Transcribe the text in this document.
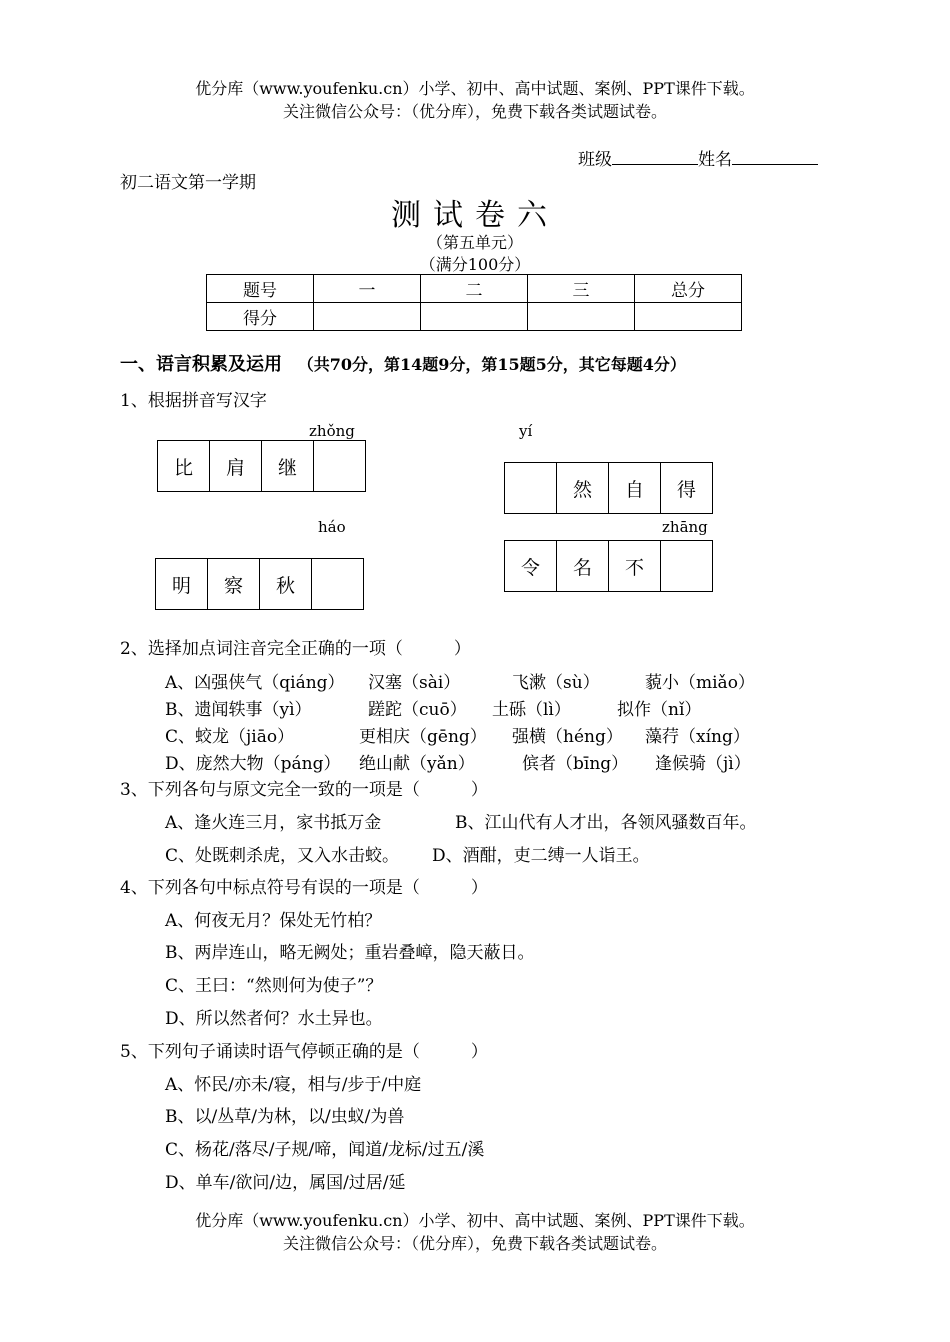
优分库（www.youfenku.cn）小学、初中、高中试题、案例、PPT课件下载。
关注微信公众号：（优分库），免费下载各类试题试卷。
班级	姓名
初二语文第一学期
测试卷六
（第五单元）
（满分100分）
题号	一	二	三	总分
得分				
一、语言积累及运用 （共70分，第14题9分，第15题5分，其它每题4分）
1、根据拼音写汉字
zhǒng
比	肩	继
yí
然	自	得
háo
明	察	秋
zhāng
令	名	不
2、选择加点词注音完全正确的一项（　　　）
A、凶强侠气（qiáng） 汉塞（sài）	飞漱（sù）	藐小（miǎo）
B、遗闻轶事（yì）	蹉跎（cuō） 土砾（lì）	拟作（nǐ）
C、蛟龙（jiāo）	更相庆（gēng） 强横（héng） 藻荇（xíng）
D、庞然大物（páng） 绝山献（yǎn）	傧者（bīng） 逢候骑（jì）
3、下列各句与原文完全一致的一项是（　　　）
A、逢火连三月，家书抵万金	B、江山代有人才出，各领风骚数百年。
C、处既刺杀虎，又入水击蛟。 D、酒酣，吏二缚一人诣王。
4、下列各句中标点符号有误的一项是（　　　）
A、何夜无月？保处无竹柏？
B、两岸连山，略无阙处；重岩叠嶂，隐天蔽日。
C、王曰：“然则何为使子”？
D、所以然者何？水土异也。
5、下列句子诵读时语气停顿正确的是（　　　）
A、怀民/亦未/寝，相与/步于/中庭
B、以/丛草/为林，以/虫蚁/为兽
C、杨花/落尽/子规/啼，闻道/龙标/过五/溪
D、单车/欲问/边，属国/过居/延
优分库（www.youfenku.cn）小学、初中、高中试题、案例、PPT课件下载。
关注微信公众号：（优分库），免费下载各类试题试卷。
